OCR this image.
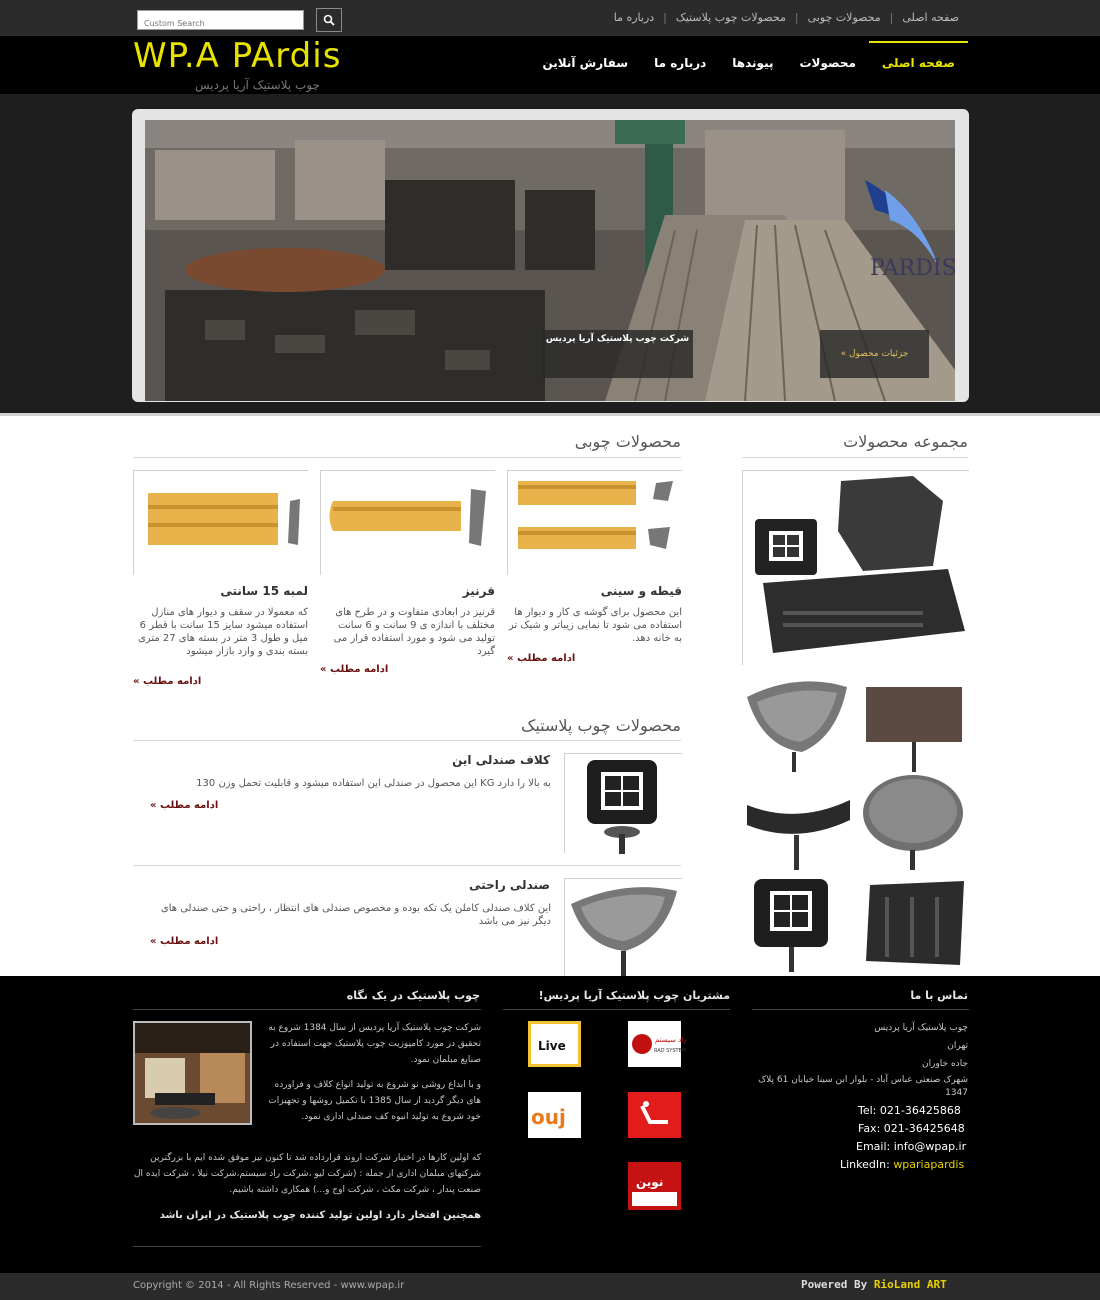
Custom Search
صفحه اصلی
|
محصولات چوبی
|
محصولات چوب پلاستیک
|
درباره ما
WP.A PArdis
چوب پلاستیک آریا پردیس
صفحه اصلی
محصولات
پیوندها
درباره ما
سفارش آنلاین
PARDIS
شرکت چوب پلاستیک آریا پردیس
« جزئیات محصول
مجموعه محصولات
محصولات چوبی
قیطه و سینی
این محصول برای گوشه ی کار و دیوار ها استفاده می شود تا نمایی زیباتر و شیک تر به خانه دهد.
« ادامه مطلب
قرنیز
قرنیز در ابعادی متفاوت و در طرح های مختلف با اندازه ی 9 سانت و 6 سانت تولید می شود و مورد استفاده قرار می گیرد
« ادامه مطلب
لمبه 15 سانتی
که معمولا در سقف و دیوار های منازل استفاده میشود سایز 15 سانت با قطر 6 میل و طول 3 متر در بسته های 27 متری بسته بندی و وارد بازار میشود
« ادامه مطلب
محصولات چوب پلاستیک
کلاف صندلی این
به بالا را دارد KG این محصول در صندلی این استفاده میشود و قابلیت تحمل وزن 130
« ادامه مطلب
صندلی راحتی
این کلاف صندلی کاملن یک تکه بوده و مخصوص صندلی های انتظار ، راحتی و حتی صندلی های دیگر نیز می باشد
« ادامه مطلب
تماس با ما
چوب پلاستیک آریا پردیس
تهران
جاده خاوران
شهرک صنعتی عباس آباد - بلوار ابن سینا خیابان 61 پلاک 1347
Tel: 021-36425868
Fax: 021-36425648
Email: info@wpap.ir
LinkedIn: wpariapardis
مشتریان چوب پلاستیک آریا پردیس!
راد سیستم
RAD SYSTEM
Live
ouj
نوین
چوب پلاستیک در یک نگاه
شرکت چوب پلاستیک آریا پردیس از سال 1384 شروع به تحقیق در مورد کامپوزیت چوب پلاستیک جهت استفاده در صنایع مبلمان نمود.
و با ابداع روشی نو شروع به تولید انواع کلاف و فراورده های دیگر گردید از سال 1385 با تکمیل روشها و تجهیزات خود شروع به تولید انبوه کف صندلی اداری نمود.
که اولین کارها در اختیار شرکت اروند قرارداده شد تا کنون نیز موفق شده ایم با بزرگترین شرکتهای مبلمان اداری از جمله : (شرکت لیو ،شرکت راد سیستم،شرکت نیلا ، شرکت ایده ال صنعت پندار ، شرکت مکث ، شرکت اوج و...) همکاری داشته باشیم.
همچنین افتخار دارد اولین تولید کننده چوب پلاستیک در ایران باشد
Copyright © 2014 - All Rights Reserved - www.wpap.ir	Powered By RioLand ART
